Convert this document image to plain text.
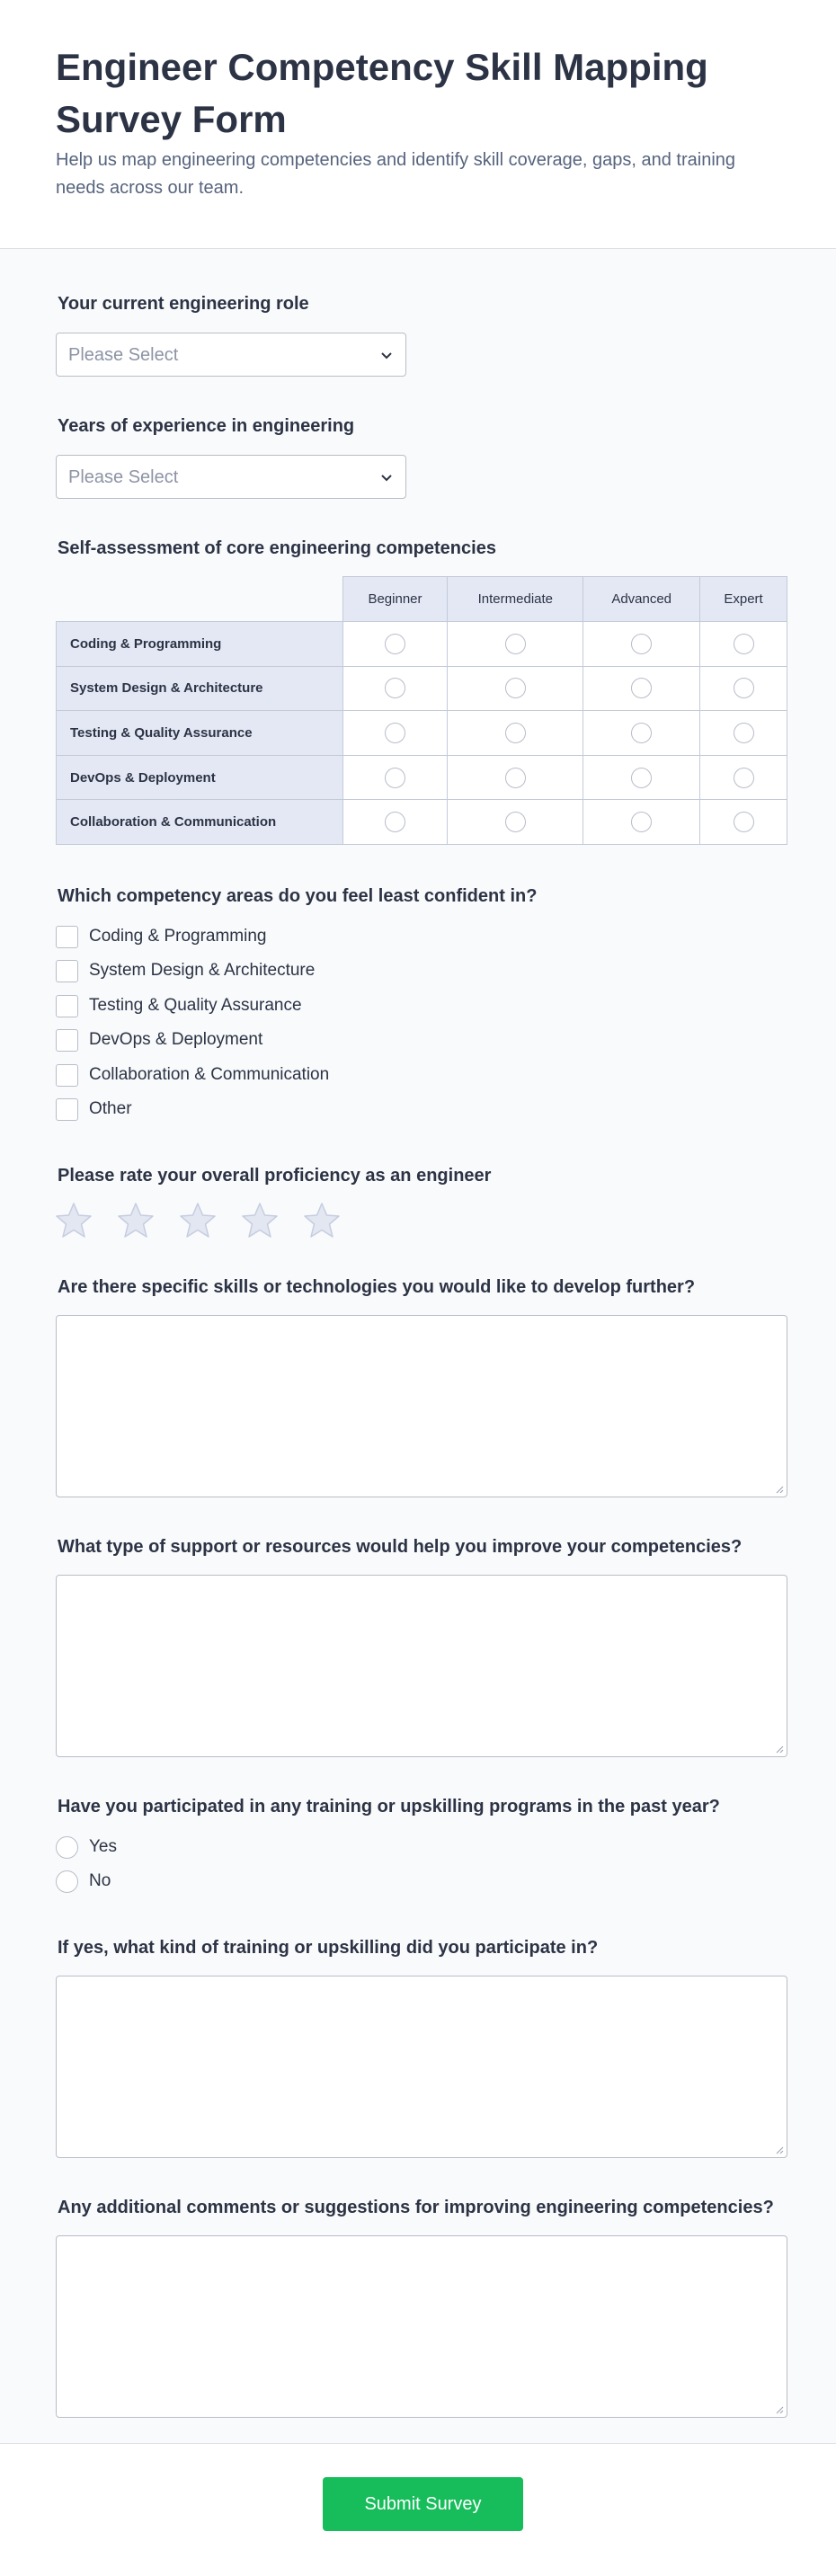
Engineer Competency Skill Mapping Survey Form
Help us map engineering competencies and identify skill coverage, gaps, and training needs across our team.
Your current engineering role
Please Select
Years of experience in engineering
Please Select
Self-assessment of core engineering competencies
	Beginner	Intermediate	Advanced	Expert
Coding & Programming				
System Design & Architecture				
Testing & Quality Assurance				
DevOps & Deployment				
Collaboration & Communication				
Which competency areas do you feel least confident in?
Coding & Programming
System Design & Architecture
Testing & Quality Assurance
DevOps & Deployment
Collaboration & Communication
Other
Please rate your overall proficiency as an engineer
Are there specific skills or technologies you would like to develop further?
What type of support or resources would help you improve your competencies?
Have you participated in any training or upskilling programs in the past year?
Yes
No
If yes, what kind of training or upskilling did you participate in?
Any additional comments or suggestions for improving engineering competencies?
Submit Survey
